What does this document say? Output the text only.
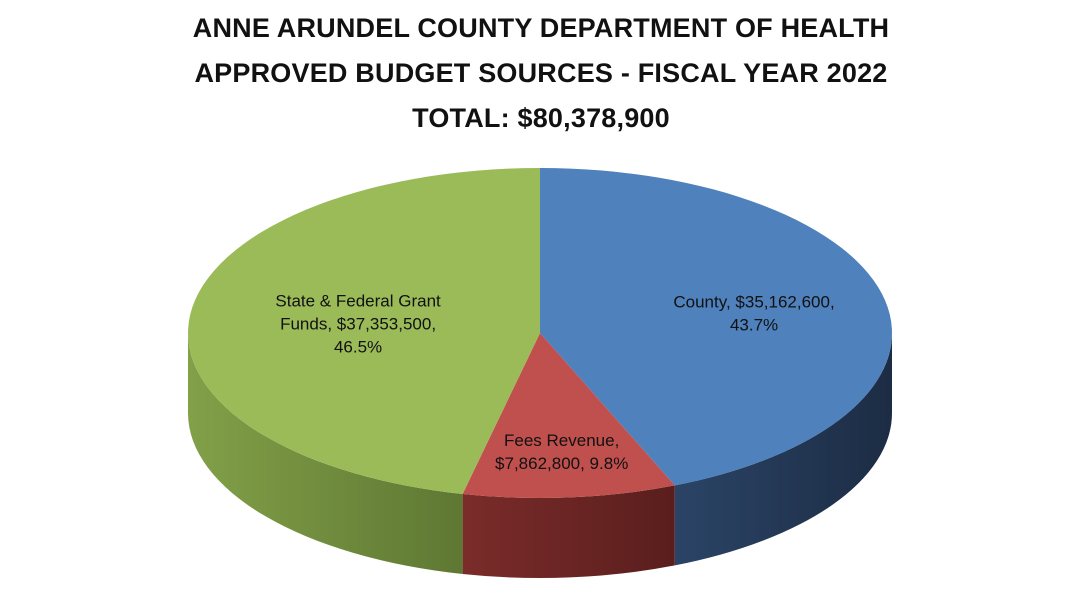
ANNE ARUNDEL COUNTY DEPARTMENT OF HEALTH
APPROVED BUDGET SOURCES - FISCAL YEAR 2022
TOTAL: $80,378,900
County, $35,162,600, 43.7%
Fees Revenue, $7,862,800, 9.8%
State & Federal Grant Funds, $37,353,500, 46.5%
